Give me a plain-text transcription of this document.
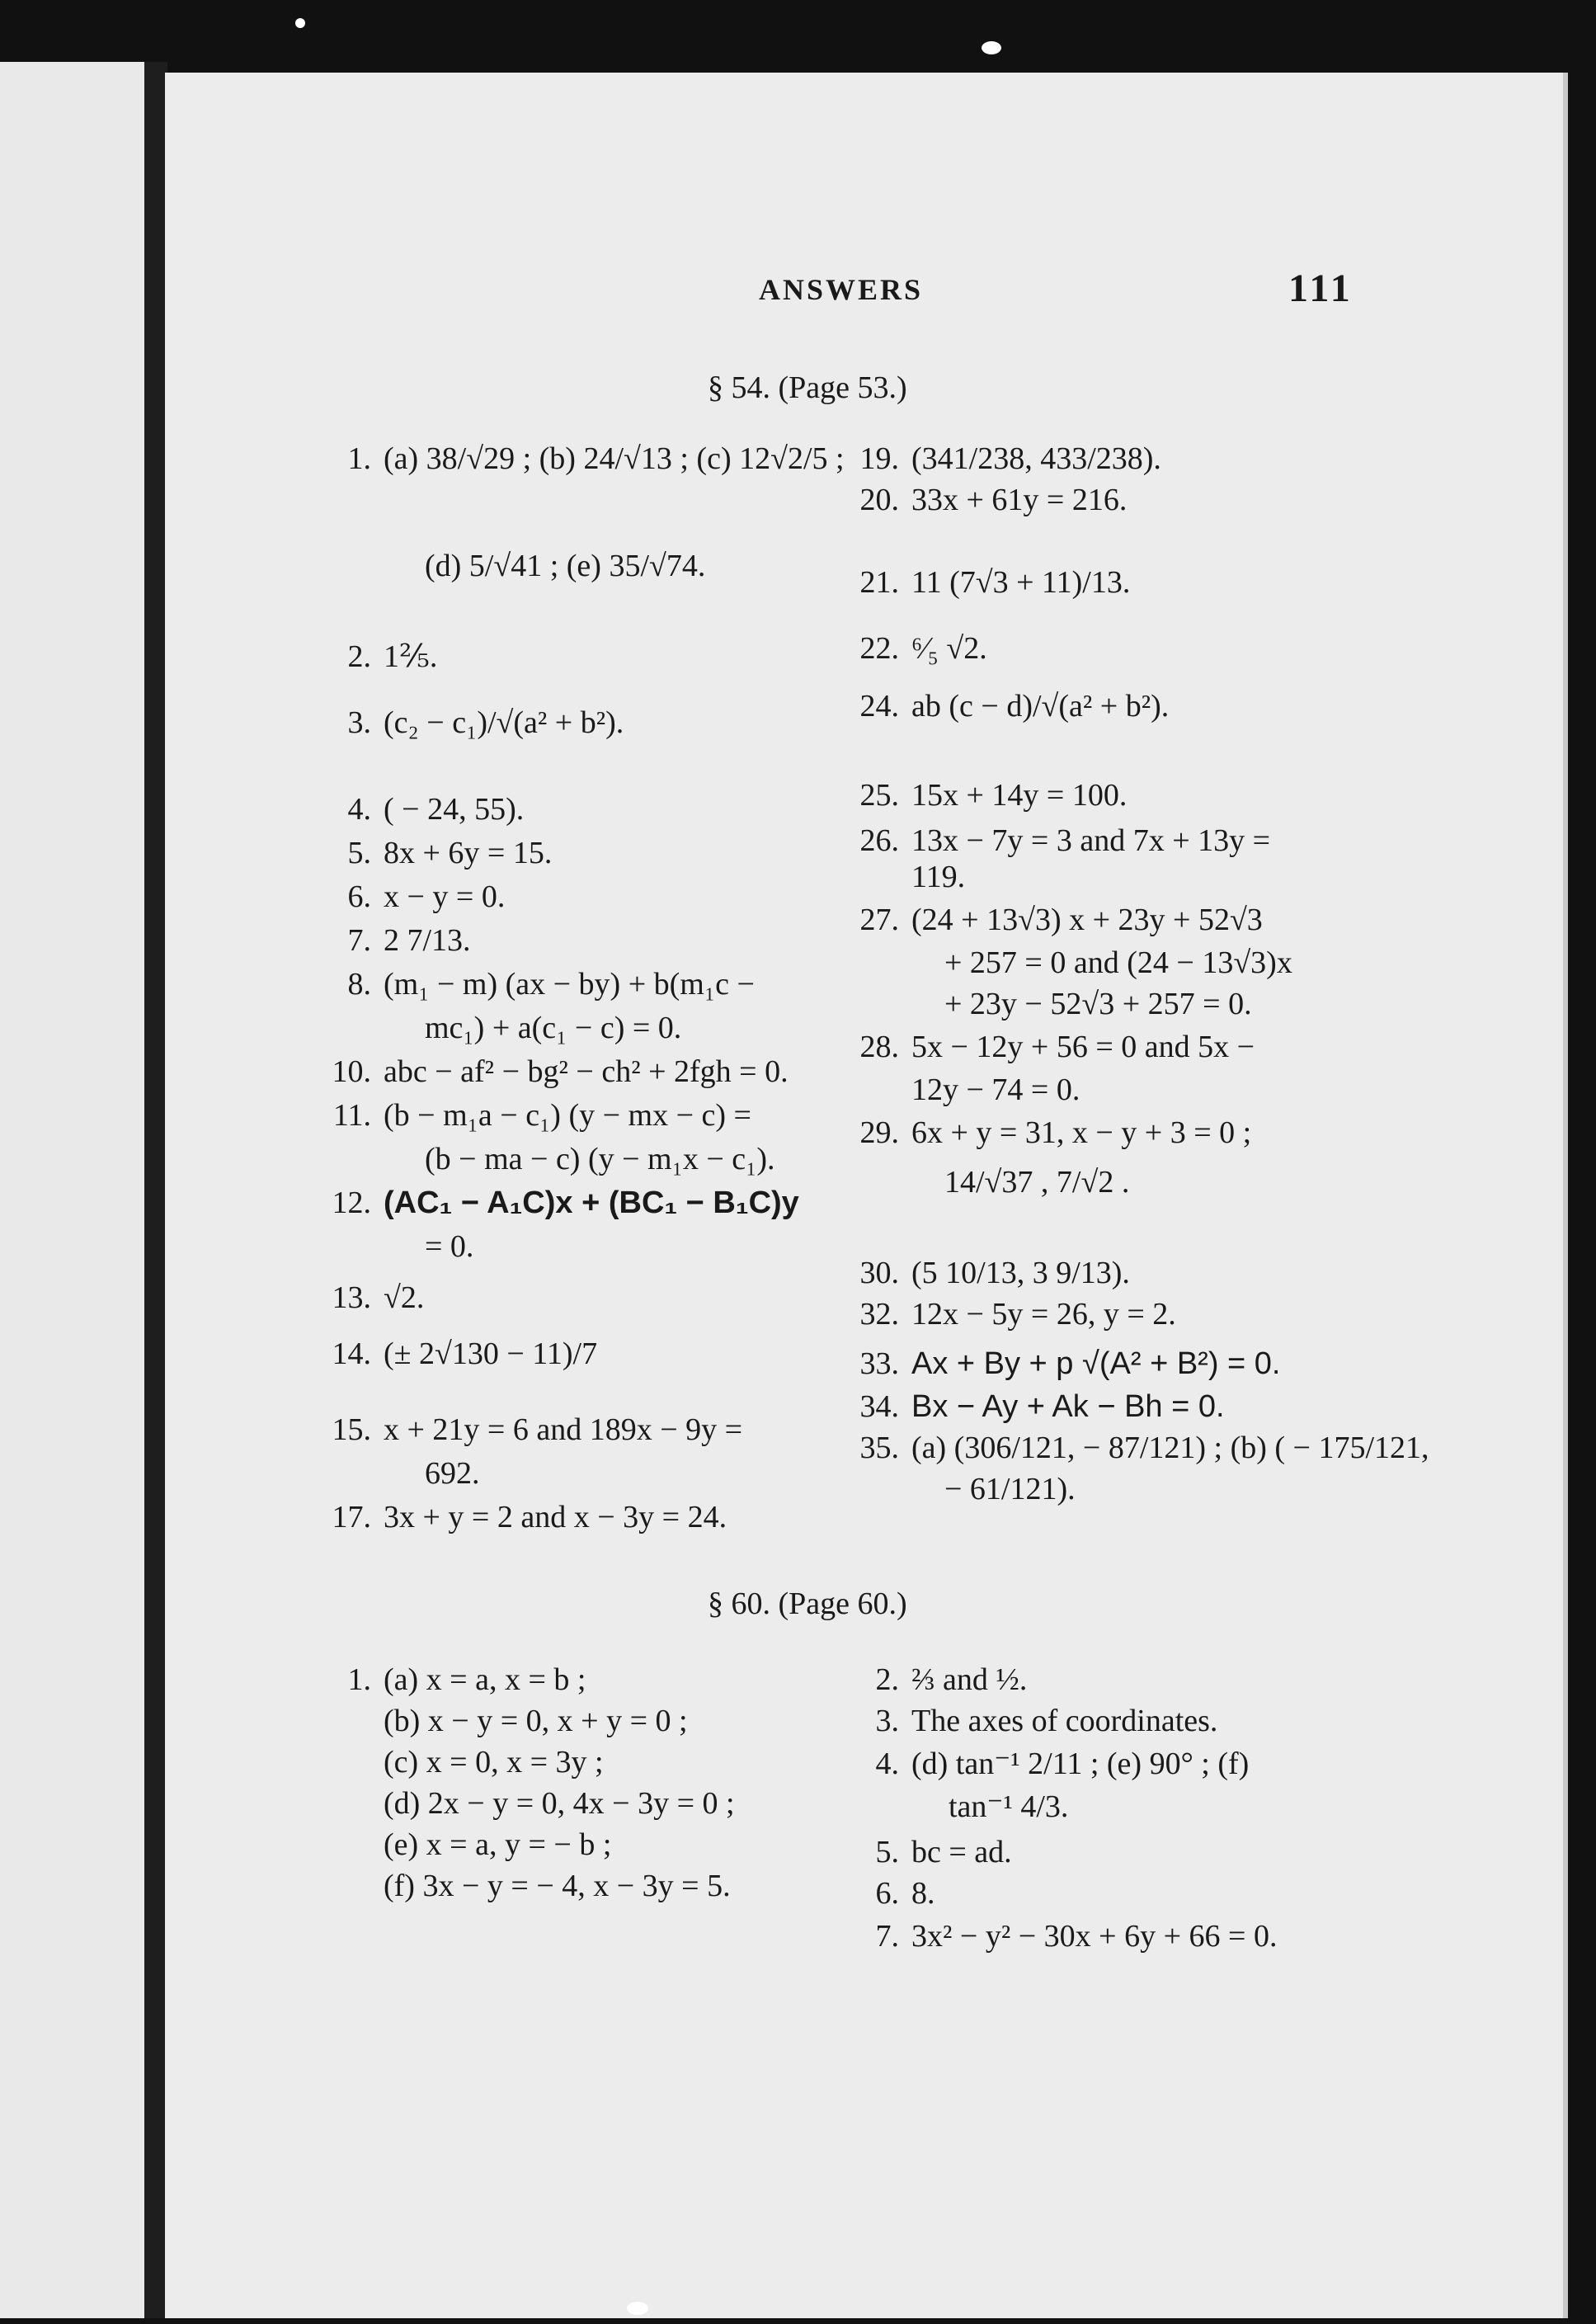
ANSWERS	111
§ 54. (Page 53.)
1. (a) 38/√29 ; (b) 24/√13 ; (c) 12√2/5 ;
(d) 5/√41 ; (e) 35/√74.
2. 1⅖.
3. (c₂ − c₁)/√(a² + b²).
4. ( − 24, 55).
5. 8x + 6y = 15.
6. x − y = 0.
7. 2 7/13.
8. (m₁ − m) (ax − by) + b(m₁c −
mc₁) + a(c₁ − c) = 0.
10. abc − af² − bg² − ch² + 2fgh = 0.
11. (b − m₁a − c₁) (y − mx − c) =
(b − ma − c) (y − m₁x − c₁).
12. (AC₁ − A₁C)x + (BC₁ − B₁C)y
= 0.
13. √2.
14. (± 2√130 − 11)/7
15. x + 21y = 6 and 189x − 9y =
692.
17. 3x + y = 2 and x − 3y = 24.
19. (341/238, 433/238).
20. 33x + 61y = 216.
21. 11 (7√3 + 11)/13.
22. ⁶⁄₅ √2.
24. ab (c − d)/√(a² + b²).
25. 15x + 14y = 100.
26. 13x − 7y = 3 and 7x + 13y =
119.
27. (24 + 13√3) x + 23y + 52√3
+ 257 = 0 and (24 − 13√3)x
+ 23y − 52√3 + 257 = 0.
28. 5x − 12y + 56 = 0 and 5x −
12y − 74 = 0.
29. 6x + y = 31, x − y + 3 = 0 ;
14/√37 , 7/√2 .
30. (5 10/13, 3 9/13).
32. 12x − 5y = 26, y = 2.
33. Ax + By + p √(A² + B²) = 0.
34. Bx − Ay + Ak − Bh = 0.
35. (a) (306/121, − 87/121) ; (b) ( − 175/121,
− 61/121).
§ 60. (Page 60.)
1. (a) x = a, x = b ;
(b) x − y = 0, x + y = 0 ;
(c) x = 0, x = 3y ;
(d) 2x − y = 0, 4x − 3y = 0 ;
(e) x = a, y = − b ;
(f) 3x − y = − 4, x − 3y = 5.
2. ⅔ and ½.
3. The axes of coordinates.
4. (d) tan⁻¹ 2/11 ; (e) 90° ; (f)
tan⁻¹ 4/3.
5. bc = ad.
6. 8.
7. 3x² − y² − 30x + 6y + 66 = 0.
